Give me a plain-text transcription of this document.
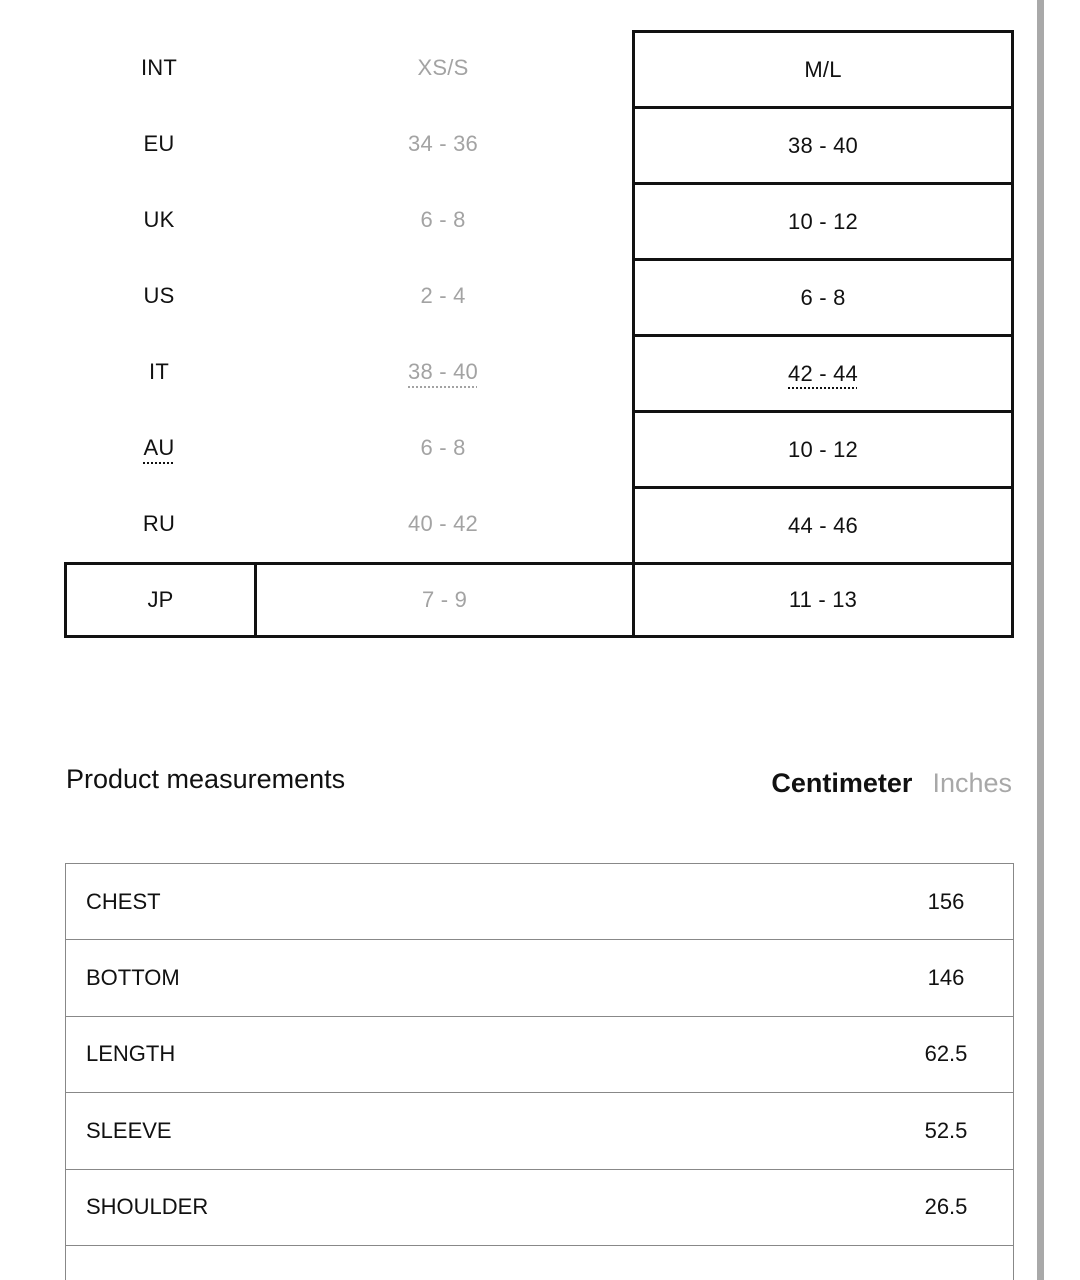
INT	XS/S	M/L
EU	34 - 36	38 - 40
UK	6 - 8	10 - 12
US	2 - 4	6 - 8
IT	38 - 40	42 - 44
AU	6 - 8	10 - 12
RU	40 - 42	44 - 46
JP	7 - 9	11 - 13
Product measurements	Centimeter Inches
CHEST	156
BOTTOM	146
LENGTH	62.5
SLEEVE	52.5
SHOULDER	26.5
